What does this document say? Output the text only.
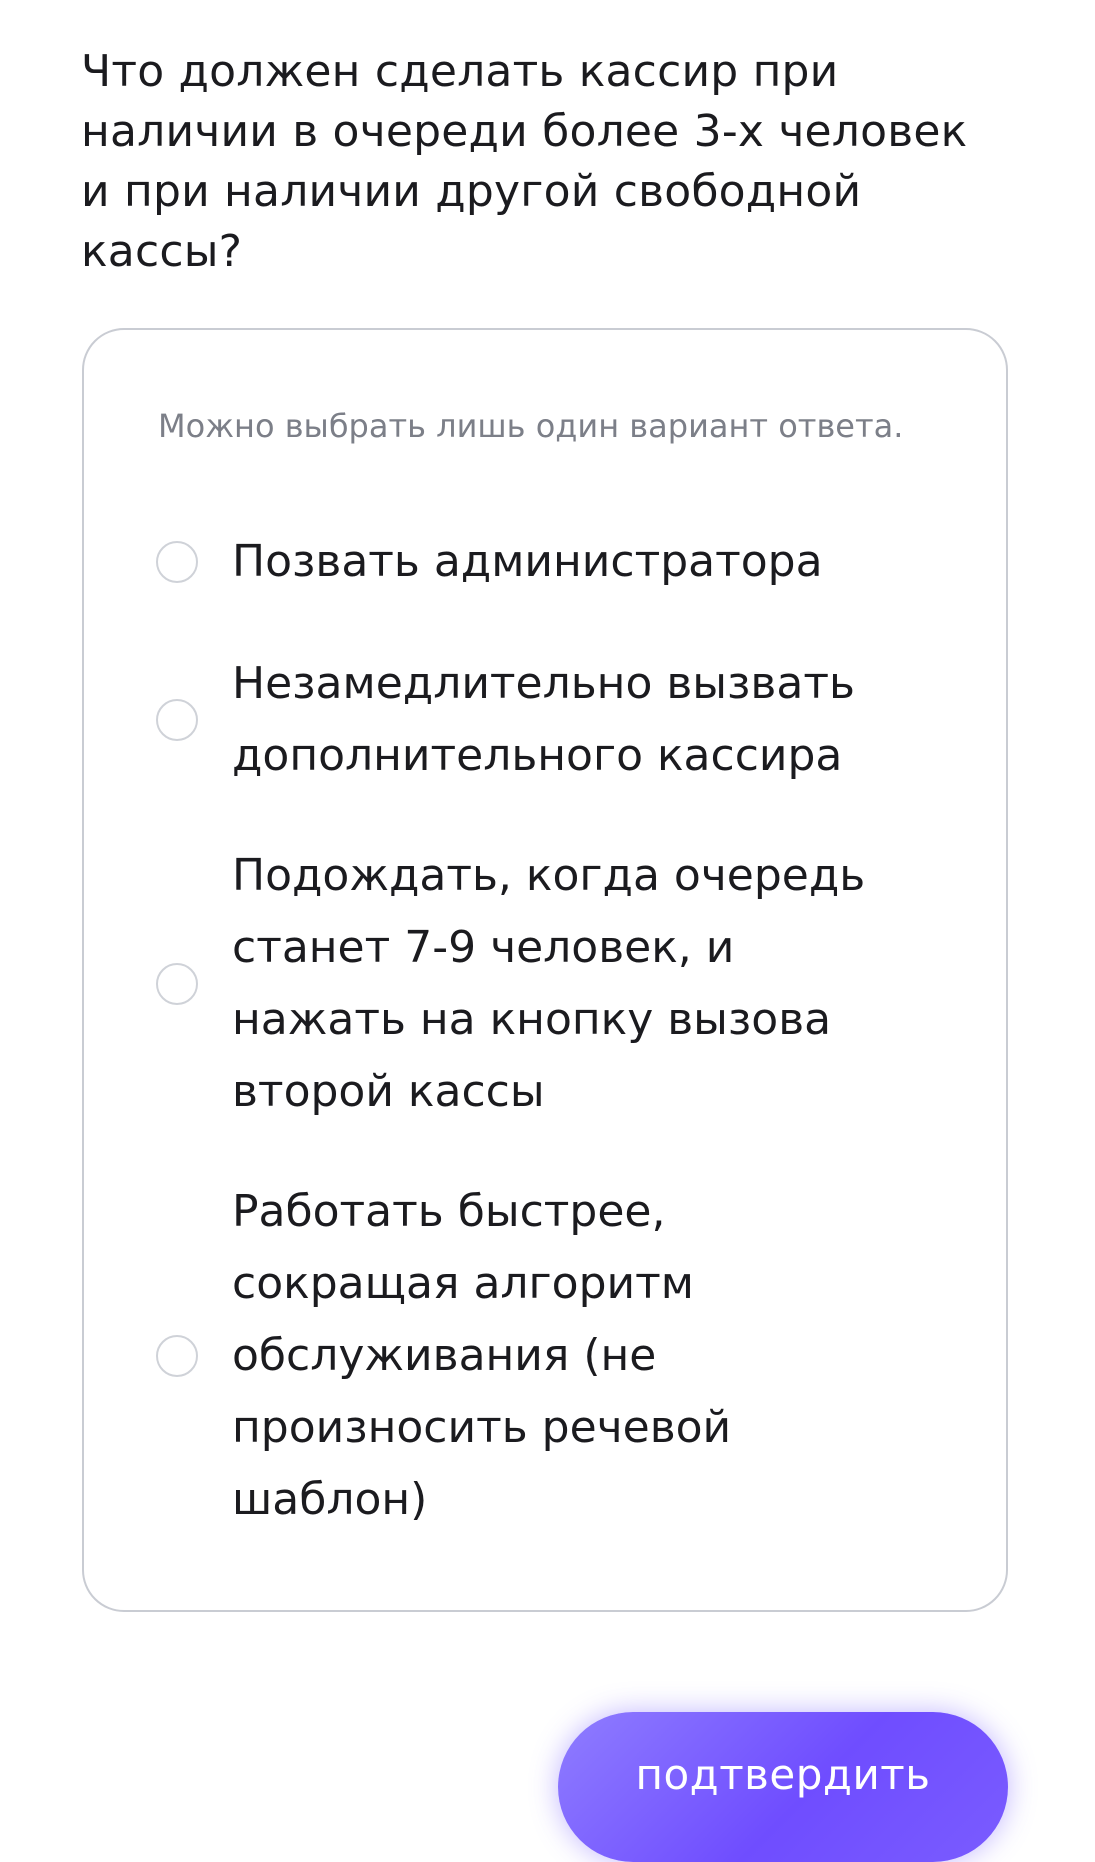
Что должен сделать кассир при наличии в очереди более 3-х человек и при наличии другой свободной кассы?

Можно выбрать лишь один вариант ответа.

Позвать администратора
Незамедлительно вызвать дополнительного кассира
Подождать, когда очередь станет 7-9 человек, и нажать на кнопку вызова второй кассы
Работать быстрее, сокращая алгоритм обслуживания (не произносить речевой шаблон)
подтвердить
